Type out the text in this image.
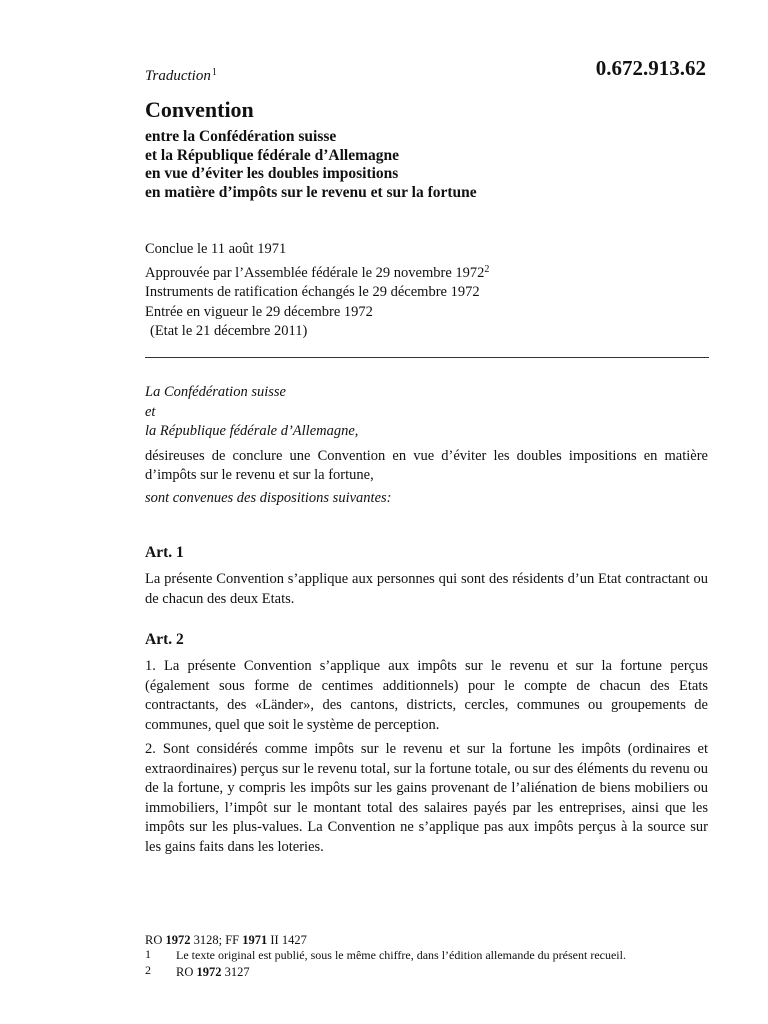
Traduction$^1$	0.672.913.62
Convention
entre la Confédération suisse
et la République fédérale d’Allemagne
en vue d’éviter les doubles impositions
en matière d’impôts sur le revenu et sur la fortune
Conclue le 11 août 1971
Approuvée par l’Assemblée fédérale le 29 novembre 1972$^2$
Instruments de ratification échangés le 29 décembre 1972
Entrée en vigueur le 29 décembre 1972
(Etat le 21 décembre 2011)
La Confédération suisse
et
la République fédérale d’Allemagne,
désireuses de conclure une Convention en vue d’éviter les doubles impositions en matière d’impôts sur le revenu et sur la fortune,
sont convenues des dispositions suivantes:
Art. 1

La présente Convention s’applique aux personnes qui sont des résidents d’un Etat contractant ou de chacun des deux Etats.

Art. 2

1. La présente Convention s’applique aux impôts sur le revenu et sur la fortune perçus (également sous forme de centimes additionnels) pour le compte de chacun des Etats contractants, des «Länder», des cantons, districts, cercles, communes ou groupements de communes, quel que soit le système de perception.

2. Sont considérés comme impôts sur le revenu et sur la fortune les impôts (ordinaires et extraordinaires) perçus sur le revenu total, sur la fortune totale, ou sur des éléments du revenu ou de la fortune, y compris les impôts sur les gains provenant de l’aliénation de biens mobiliers ou immobiliers, l’impôt sur le montant total des salaires payés par les entreprises, ainsi que les impôts sur les plus-values. La Convention ne s’applique pas aux impôts perçus à la source sur les gains faits dans les loteries.

RO 1972 3128; FF 1971 II 1427
1 Le texte original est publié, sous le même chiffre, dans l’édition allemande du présent recueil.
2 RO 1972 3127
